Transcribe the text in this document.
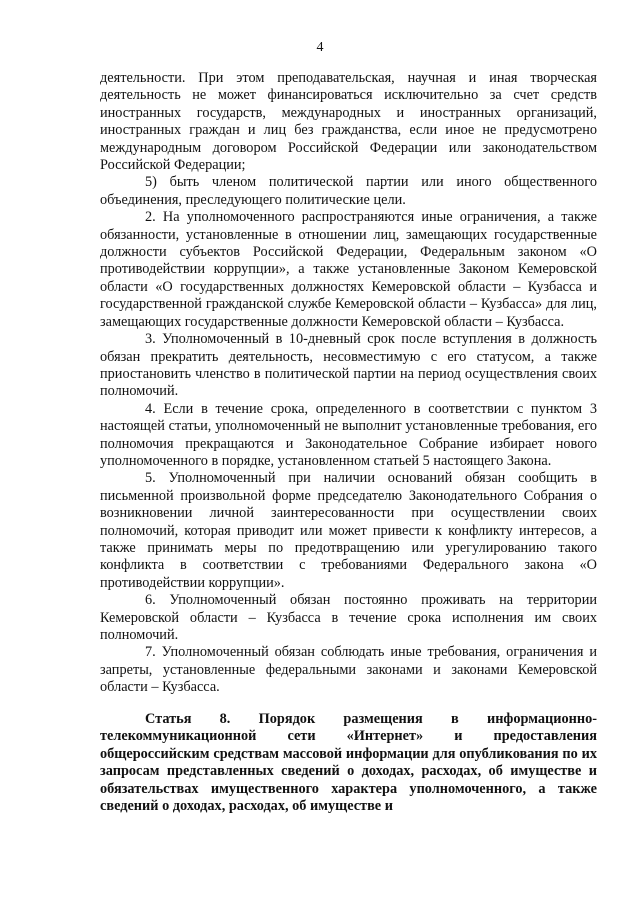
4

деятельности. При этом преподавательская, научная и иная творческая деятельность не может финансироваться исключительно за счет средств иностранных государств, международных и иностранных организаций, иностранных граждан и лиц без гражданства, если иное не предусмотрено международным договором Российской Федерации или законодательством Российской Федерации;

5) быть членом политической партии или иного общественного объединения, преследующего политические цели.

2. На уполномоченного распространяются иные ограничения, а также обязанности, установленные в отношении лиц, замещающих государственные должности субъектов Российской Федерации, Федеральным законом «О противодействии коррупции», а также установленные Законом Кемеровской области «О государственных должностях Кемеровской области – Кузбасса и государственной гражданской службе Кемеровской области – Кузбасса» для лиц, замещающих государственные должности Кемеровской области – Кузбасса.

3. Уполномоченный в 10-дневный срок после вступления в должность обязан прекратить деятельность, несовместимую с его статусом, а также приостановить членство в политической партии на период осуществления своих полномочий.

4. Если в течение срока, определенного в соответствии с пунктом 3 настоящей статьи, уполномоченный не выполнит установленные требования, его полномочия прекращаются и Законодательное Собрание избирает нового уполномоченного в порядке, установленном статьей 5 настоящего Закона.

5. Уполномоченный при наличии оснований обязан сообщить в письменной произвольной форме председателю Законодательного Собрания о возникновении личной заинтересованности при осуществлении своих полномочий, которая приводит или может привести к конфликту интересов, а также принимать меры по предотвращению или урегулированию такого конфликта в соответствии с требованиями Федерального закона «О противодействии коррупции».

6. Уполномоченный обязан постоянно проживать на территории Кемеровской области – Кузбасса в течение срока исполнения им своих полномочий.

7. Уполномоченный обязан соблюдать иные требования, ограничения и запреты, установленные федеральными законами и законами Кемеровской области – Кузбасса.

Статья 8. Порядок размещения в информационно-телекоммуникационной сети «Интернет» и предоставления общероссийским средствам массовой информации для опубликования по их запросам представленных сведений о доходах, расходах, об имуществе и обязательствах имущественного характера уполномоченного, а также сведений о доходах, расходах, об имуществе и
